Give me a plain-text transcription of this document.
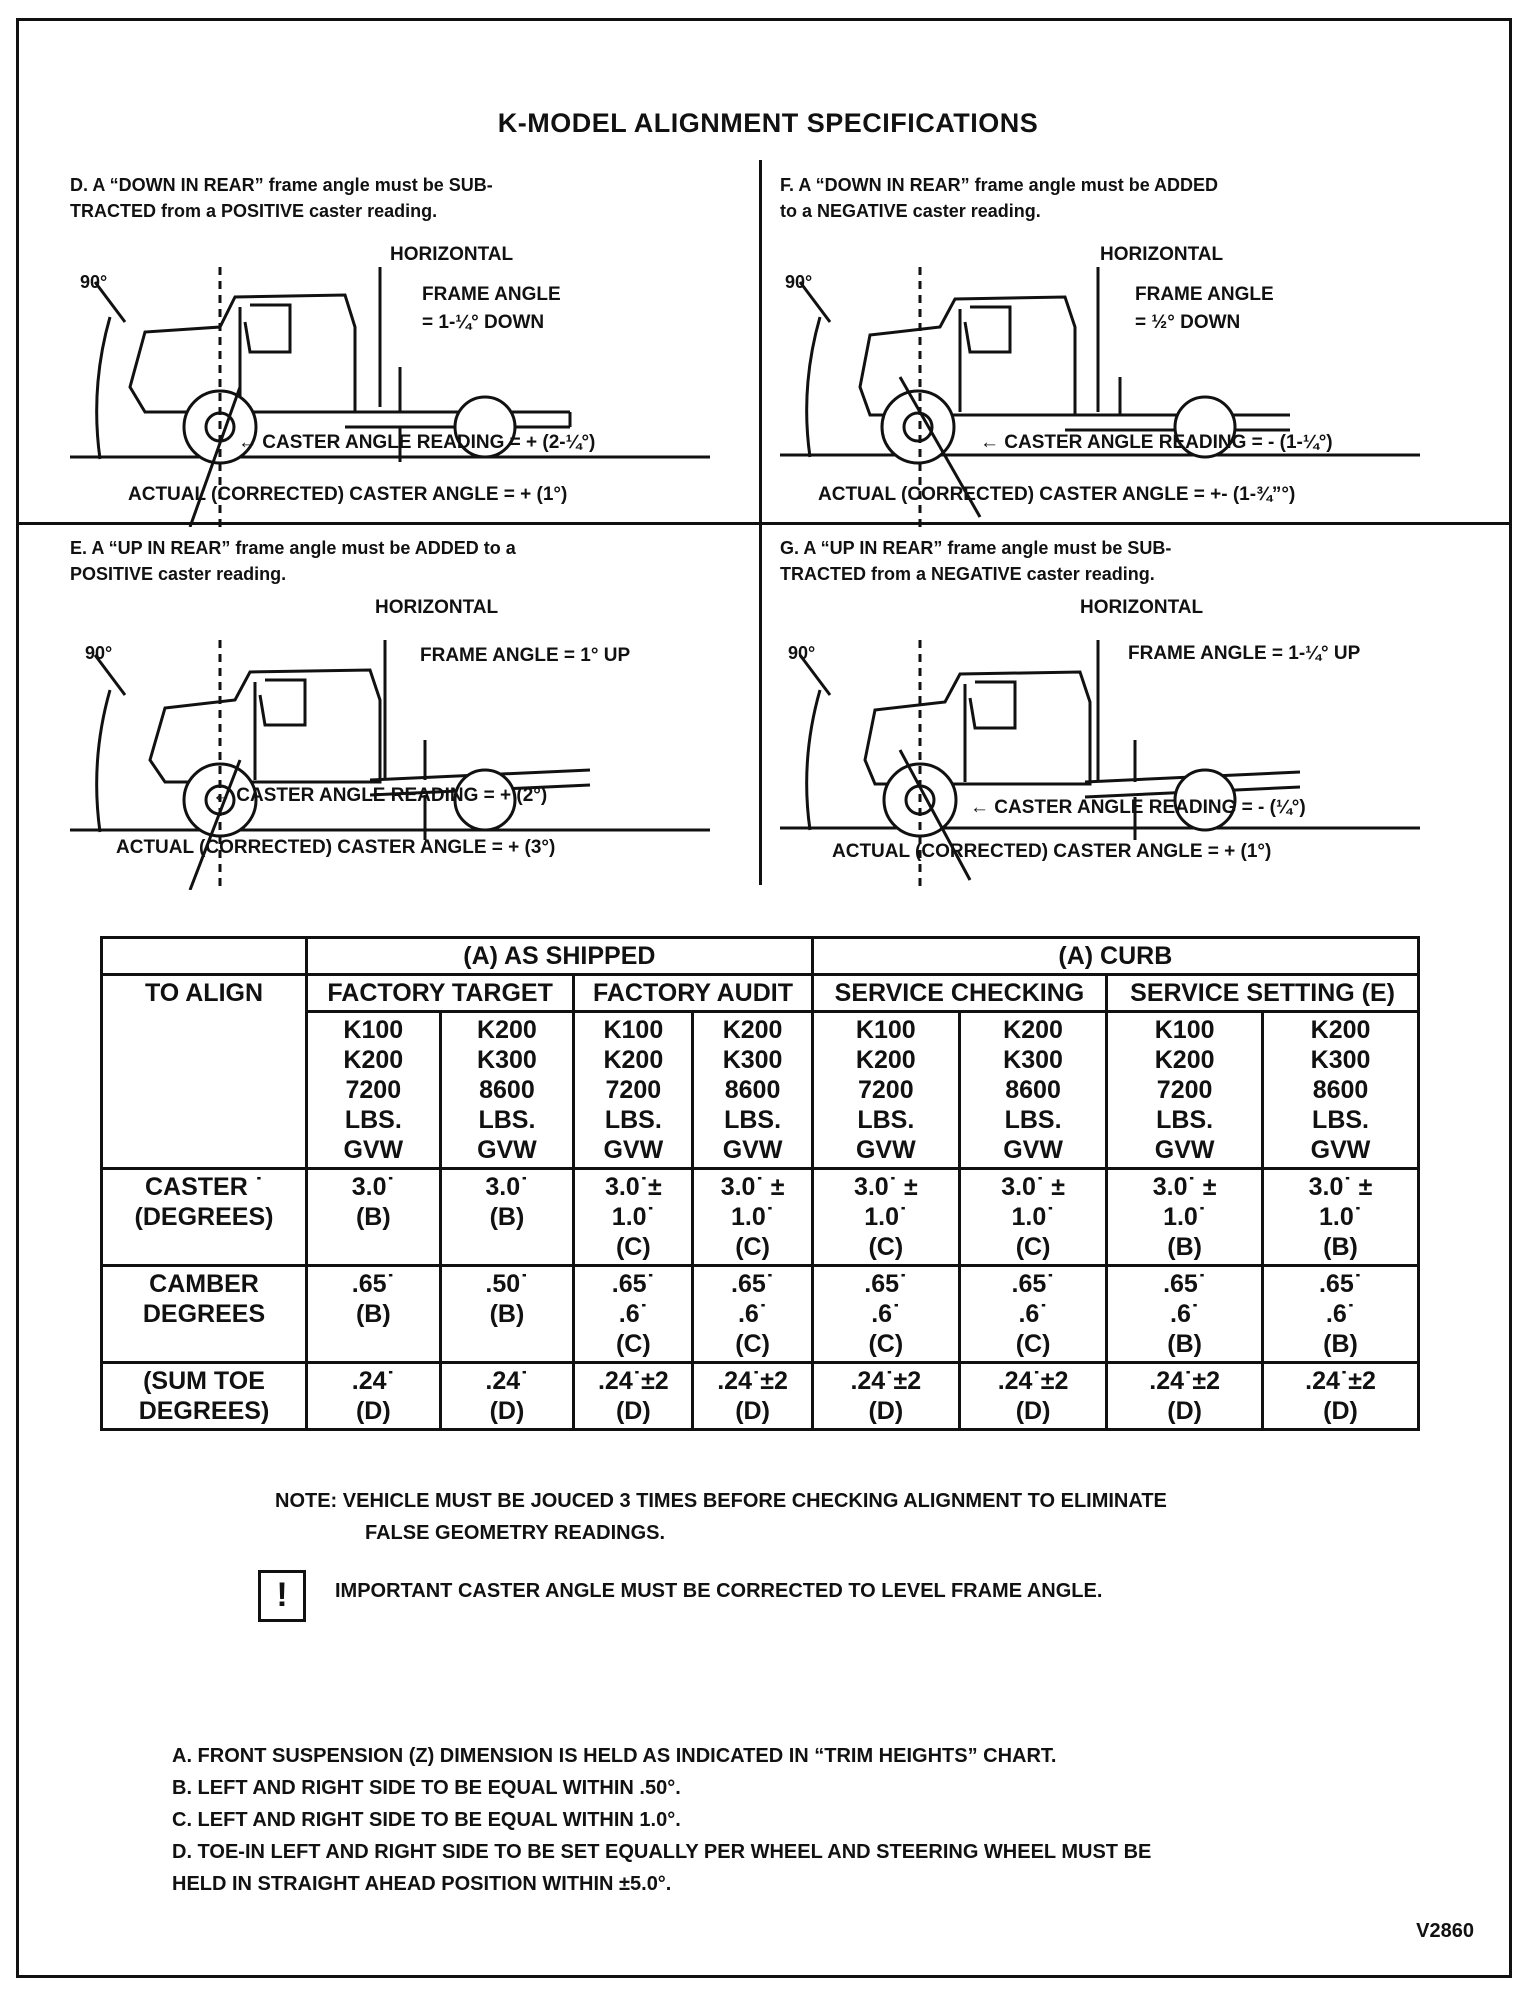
K-MODEL ALIGNMENT SPECIFICATIONS
D. A “DOWN IN REAR” frame angle must be SUB-
TRACTED from a POSITIVE caster reading.
90°
HORIZONTAL
FRAME ANGLE
= 1-¼° DOWN
← CASTER ANGLE READING = + (2-¼°)
ACTUAL (CORRECTED) CASTER ANGLE = + (1°)
F. A “DOWN IN REAR” frame angle must be ADDED
to a NEGATIVE caster reading.
90°
HORIZONTAL
FRAME ANGLE
= ½° DOWN
← CASTER ANGLE READING = - (1-¼°)
ACTUAL (CORRECTED) CASTER ANGLE = +- (1-¾”°)
E. A “UP IN REAR” frame angle must be ADDED to a
POSITIVE caster reading.
90°
HORIZONTAL
FRAME ANGLE = 1° UP
← CASTER ANGLE READING = + (2°)
ACTUAL (CORRECTED) CASTER ANGLE = + (3°)
G. A “UP IN REAR” frame angle must be SUB-
TRACTED from a NEGATIVE caster reading.
90°
HORIZONTAL
FRAME ANGLE = 1-¼° UP
← CASTER ANGLE READING = - (¼°)
ACTUAL (CORRECTED) CASTER ANGLE = + (1°)
	(A) AS SHIPPED				(A) CURB			
TO ALIGN	FACTORY TARGET		FACTORY AUDIT		SERVICE CHECKING		SERVICE SETTING (E)	

	K100
K200
7200
LBS.
GVW	K200
K300
8600
LBS.
GVW	K100
K200
7200
LBS.
GVW	K200
K300
8600
LBS.
GVW	K100
K200
7200
LBS.
GVW	K200
K300
8600
LBS.
GVW	K100
K200
7200
LBS.
GVW	K200
K300
8600
LBS.
GVW

CASTER ˙
(DEGREES)	3.0˙
(B)	3.0˙
(B)	3.0˙±
1.0˙
(C)	3.0˙ ±
1.0˙
(C)	3.0˙ ±
1.0˙
(C)	3.0˙ ±
1.0˙
(C)	3.0˙ ±
1.0˙
(B)	3.0˙ ±
1.0˙
(B)

CAMBER
DEGREES	.65˙
(B)	.50˙
(B)	.65˙
.6˙
(C)	.65˙
.6˙
(C)	.65˙
.6˙
(C)	.65˙
.6˙
(C)	.65˙
.6˙
(B)	.65˙
.6˙
(B)

(SUM TOE
DEGREES)	.24˙
(D)	.24˙
(D)	.24˙±2
(D)	.24˙±2
(D)	.24˙±2
(D)	.24˙±2
(D)	.24˙±2
(D)	.24˙±2
(D)
NOTE: VEHICLE MUST BE JOUCED 3 TIMES BEFORE CHECKING ALIGNMENT TO ELIMINATE
FALSE GEOMETRY READINGS.
!	IMPORTANT CASTER ANGLE MUST BE CORRECTED TO LEVEL FRAME ANGLE.
A. FRONT SUSPENSION (Z) DIMENSION IS HELD AS INDICATED IN “TRIM HEIGHTS” CHART.
B. LEFT AND RIGHT SIDE TO BE EQUAL WITHIN .50°.
C. LEFT AND RIGHT SIDE TO BE EQUAL WITHIN 1.0°.
D. TOE-IN LEFT AND RIGHT SIDE TO BE SET EQUALLY PER WHEEL AND STEERING WHEEL MUST BE
HELD IN STRAIGHT AHEAD POSITION WITHIN ±5.0°.
V2860
